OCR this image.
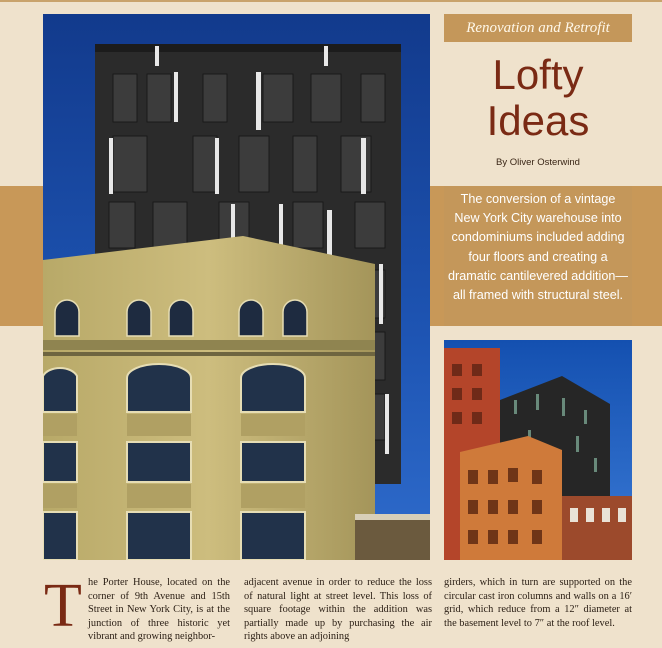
Renovation and Retrofit
Lofty
Ideas
By Oliver Osterwind

The conversion of a vintage New York City warehouse into condominiums included adding four floors and creating a dramatic cantilevered addition—all framed with structural steel.

T he Porter House, located on the corner of 9th Avenue and 15th Street in New York City, is at the junction of three historic yet vibrant and growing neighbor-
adjacent avenue in order to reduce the loss of natural light at street level. This loss of square footage within the addition was partially made up by purchasing the air rights above an adjoining
girders, which in turn are supported on the circular cast iron columns and walls on a 16′ grid, which reduce from a 12″ diameter at the basement level to 7″ at the roof level.
